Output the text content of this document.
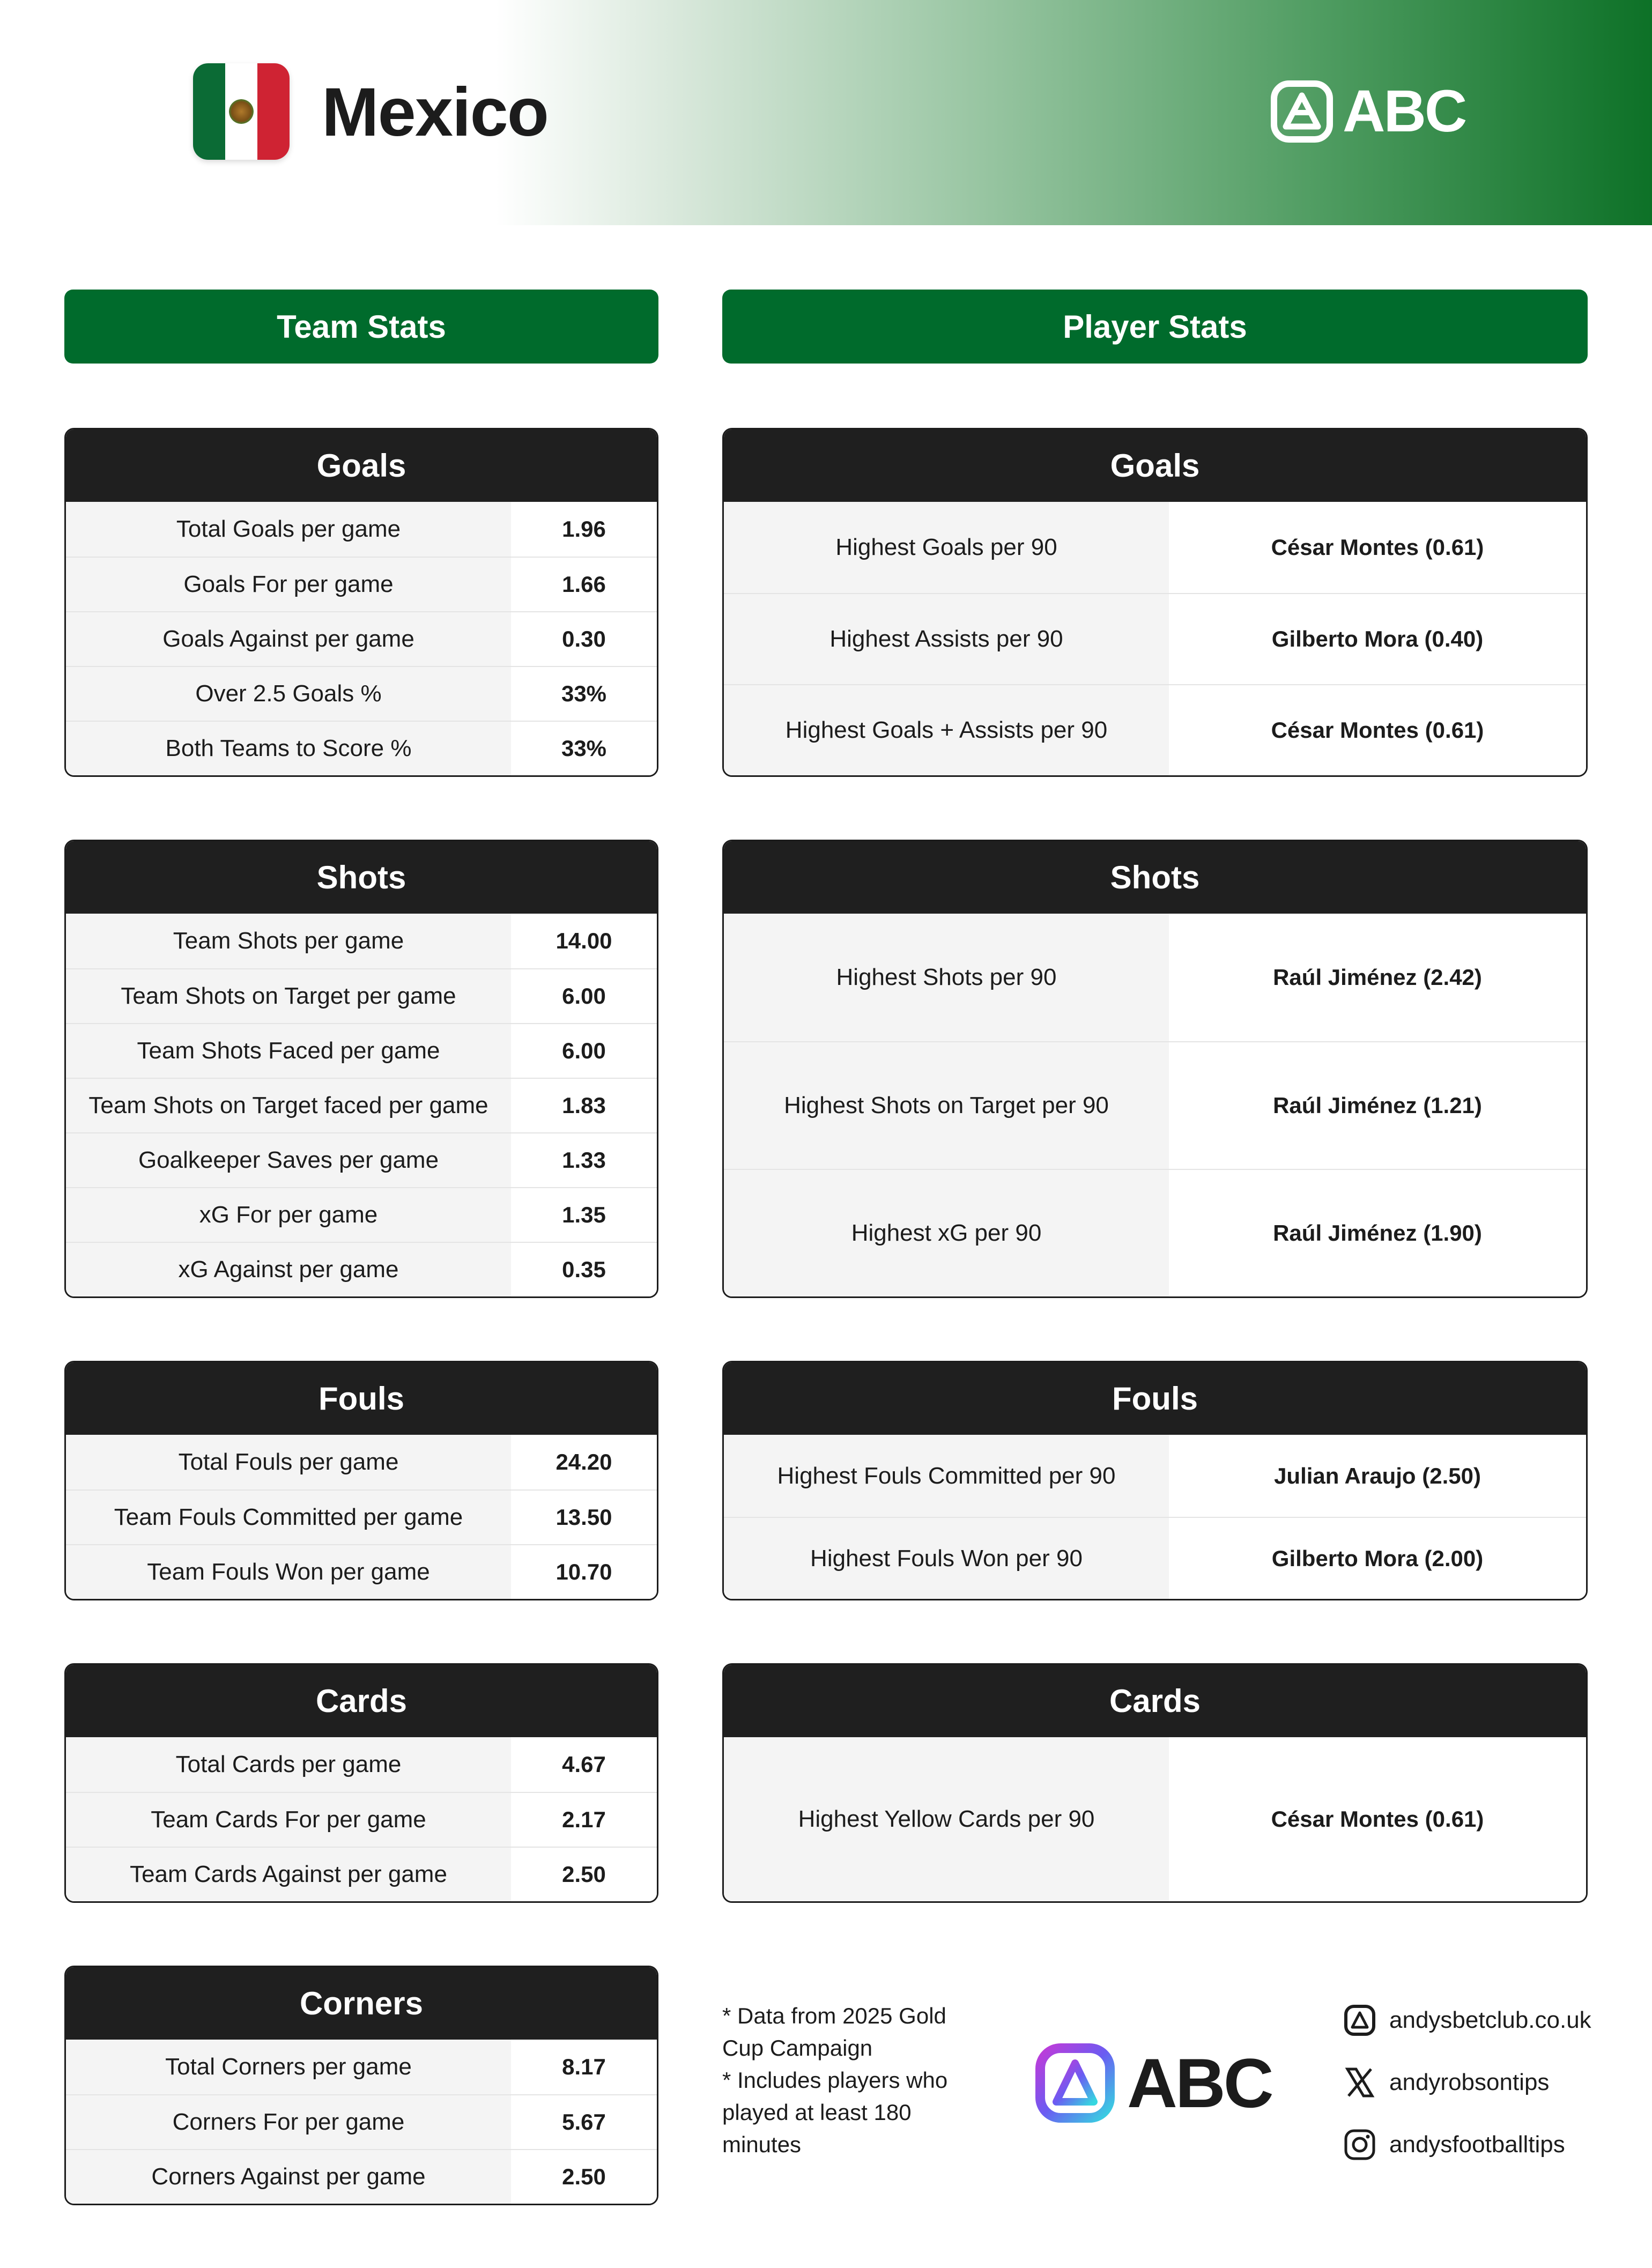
Mexico	ABC
Team Stats	Player Stats
Goals
Total Goals per game	1.96
Goals For per game	1.66
Goals Against per game	0.30
Over 2.5 Goals %	33%
Both Teams to Score %	33%
Shots
Team Shots per game	14.00
Team Shots on Target per game	6.00
Team Shots Faced per game	6.00
Team Shots on Target faced per game	1.83
Goalkeeper Saves per game	1.33
xG For per game	1.35
xG Against per game	0.35
Fouls
Total Fouls per game	24.20
Team Fouls Committed per game	13.50
Team Fouls Won per game	10.70
Cards
Total Cards per game	4.67
Team Cards For per game	2.17
Team Cards Against per game	2.50
Corners
Total Corners per game	8.17
Corners For per game	5.67
Corners Against per game	2.50
Goals
Highest Goals per 90	César Montes (0.61)
Highest Assists per 90	Gilberto Mora (0.40)
Highest Goals + Assists per 90	César Montes (0.61)
Shots
Highest Shots per 90	Raúl Jiménez (2.42)
Highest Shots on Target per 90	Raúl Jiménez (1.21)
Highest xG per 90	Raúl Jiménez (1.90)
Fouls
Highest Fouls Committed per 90	Julian Araujo (2.50)
Highest Fouls Won per 90	Gilberto Mora (2.00)
Cards
Highest Yellow Cards per 90	César Montes (0.61)
* Data from 2025 Gold Cup Campaign
* Includes players who played at least 180 minutes
ABC
andysbetclub.co.uk
andyrobsontips
andysfootballtips
